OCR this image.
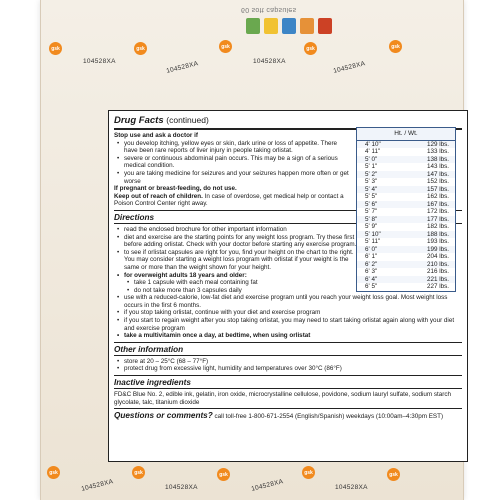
60 soft capsules
gsk	gsk	gsk	gsk	gsk
104528XA	104528XA	104528XA	104528XA
Drug Facts (continued)
Stop use and ask a doctor if
• you develop itching, yellow eyes or skin, dark urine or loss of appetite. There have been rare reports of liver injury in people taking orlistat.
• severe or continuous abdominal pain occurs. This may be a sign of a serious medical condition.
• you are taking medicine for seizures and your seizures happen more often or get worse
If pregnant or breast-feeding, do not use.
Keep out of reach of children. In case of overdose, get medical help or contact a Poison Control Center right away.
Directions
• read the enclosed brochure for other important information
• diet and exercise are the starting points for any weight loss program. Try these first before adding orlistat. Check with your doctor before starting any exercise program.
• to see if orlistat capsules are right for you, find your height on the chart to the right. You may consider starting a weight loss program with orlistat if your weight is the same or more than the weight shown for your height.
• for overweight adults 18 years and older:
• take 1 capsule with each meal containing fat
• do not take more than 3 capsules daily
• use with a reduced-calorie, low-fat diet and exercise program until you reach your weight loss goal. Most weight loss occurs in the first 6 months.
• if you stop taking orlistat, continue with your diet and exercise program
• if you start to regain weight after you stop taking orlistat, you may need to start taking orlistat again along with your diet and exercise program
• take a multivitamin once a day, at bedtime, when using orlistat
Other information
• store at 20 – 25°C (68 – 77°F)
• protect drug from excessive light, humidity and temperatures over 30°C (86°F)
Inactive ingredients
FD&C Blue No. 2, edible ink, gelatin, iron oxide, microcrystalline cellulose, povidone, sodium lauryl sulfate, sodium starch glycolate, talc, titanium dioxide
Questions or comments? call toll-free 1-800-671-2554 (English/Spanish) weekdays (10:00am–4:30pm EST)
Ht. / Wt.
4' 10"	129 lbs.
4' 11"	133 lbs.
5' 0"	138 lbs.
5' 1"	143 lbs.
5' 2"	147 lbs.
5' 3"	152 lbs.
5' 4"	157 lbs.
5' 5"	162 lbs.
5' 6"	167 lbs.
5' 7"	172 lbs.
5' 8"	177 lbs.
5' 9"	182 lbs.
5' 10"	188 lbs.
5' 11"	193 lbs.
6' 0"	199 lbs.
6' 1"	204 lbs.
6' 2"	210 lbs.
6' 3"	216 lbs.
6' 4"	221 lbs.
6' 5"	227 lbs.
gsk	gsk	gsk	gsk	gsk
104528XA	104528XA	104528XA	104528XA
